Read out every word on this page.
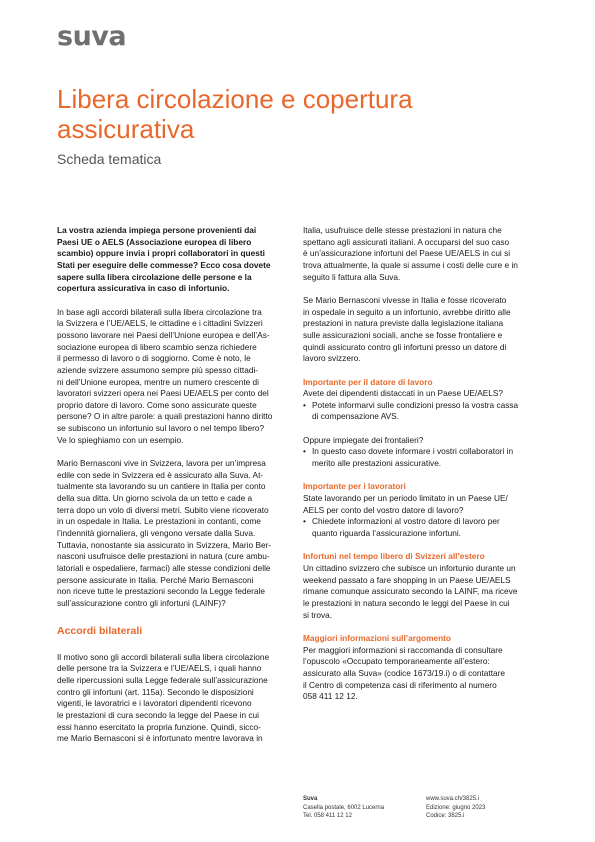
suva
Libera circolazione e copertura assicurativa
Scheda tematica

La vostra azienda impiega persone provenienti dai
Paesi UE o AELS (Associazione europea di libero
scambio) oppure invia i propri collaboratori in questi
Stati per eseguire delle commesse? Ecco cosa dovete
sapere sulla libera circolazione delle persone e la
copertura assicurativa in caso di infortunio.

In base agli accordi bilaterali sulla libera circolazione tra
la Svizzera e l’UE/AELS, le cittadine e i cittadini Svizzeri
possono lavorare nei Paesi dell’Unione europea e dell’As-
sociazione europea di libero scambio senza richiedere
il permesso di lavoro o di soggiorno. Come è noto, le
aziende svizzere assumono sempre più spesso cittadi-
ni dell’Unione europea, mentre un numero crescente di
lavoratori svizzeri opera nei Paesi UE/AELS per conto del
proprio datore di lavoro. Come sono assicurate queste
persone? O in altre parole: a quali prestazioni hanno diritto
se subiscono un infortunio sul lavoro o nel tempo libero?
Ve lo spieghiamo con un esempio.

Mario Bernasconi vive in Svizzera, lavora per un’impresa
edile con sede in Svizzera ed è assicurato alla Suva. At-
tualmente sta lavorando su un cantiere in Italia per conto
della sua ditta. Un giorno scivola da un tetto e cade a
terra dopo un volo di diversi metri. Subito viene ricoverato
in un ospedale in Italia. Le prestazioni in contanti, come
l’indennità giornaliera, gli vengono versate dalla Suva.
Tuttavia, nonostante sia assicurato in Svizzera, Mario Ber-
nasconi usufruisce delle prestazioni in natura (cure ambu-
latoriali e ospedaliere, farmaci) alle stesse condizioni delle
persone assicurate in Italia. Perché Mario Bernasconi
non riceve tutte le prestazioni secondo la Legge federale
sull’assicurazione contro gli infortuni (LAINF)?

Accordi bilaterali

Il motivo sono gli accordi bilaterali sulla libera circolazione
delle persone tra la Svizzera e l’UE/AELS, i quali hanno
delle ripercussioni sulla Legge federale sull’assicurazione
contro gli infortuni (art. 115a). Secondo le disposizioni
vigenti, le lavoratrici e i lavoratori dipendenti ricevono
le prestazioni di cura secondo la legge del Paese in cui
essi hanno esercitato la propria funzione. Quindi, sicco-
me Mario Bernasconi si è infortunato mentre lavorava in

Italia, usufruisce delle stesse prestazioni in natura che
spettano agli assicurati italiani. A occuparsi del suo caso
è un’assicurazione infortuni del Paese UE/AELS in cui si
trova attualmente, la quale si assume i costi delle cure e in
seguito li fattura alla Suva.

Se Mario Bernasconi vivesse in Italia e fosse ricoverato
in ospedale in seguito a un infortunio, avrebbe diritto alle
prestazioni in natura previste dalla legislazione italiana
sulle assicurazioni sociali, anche se fosse frontaliere e
quindi assicurato contro gli infortuni presso un datore di
lavoro svizzero.

Importante per il datore di lavoro

Avete dei dipendenti distaccati in un Paese UE/AELS?

• Potete informarvi sulle condizioni presso la vostra cassa
di compensazione AVS.

Oppure impiegate dei frontalieri?

• In questo caso dovete informare i vostri collaboratori in
merito alle prestazioni assicurative.

Importante per i lavoratori

State lavorando per un periodo limitato in un Paese UE/
AELS per conto del vostro datore di lavoro?

• Chiedete informazioni al vostro datore di lavoro per
quanto riguarda l’assicurazione infortuni.

Infortuni nel tempo libero di Svizzeri all’estero

Un cittadino svizzero che subisce un infortunio durante un
weekend passato a fare shopping in un Paese UE/AELS
rimane comunque assicurato secondo la LAINF, ma riceve
le prestazioni in natura secondo le leggi del Paese in cui
si trova.

Maggiori informazioni sull’argomento

Per maggiori informazioni si raccomanda di consultare
l’opuscolo «Occupato temporaneamente all’estero:
assicurato alla Suva» (codice 1673/19.i) o di contattare
il Centro di competenza casi di riferimento al numero
058 411 12 12.

Suva
Casella postale, 6002 Lucerna
Tel. 058 411 12 12
www.suva.ch/3825.i
Edizione: giugno 2023
Codice: 3825.i
